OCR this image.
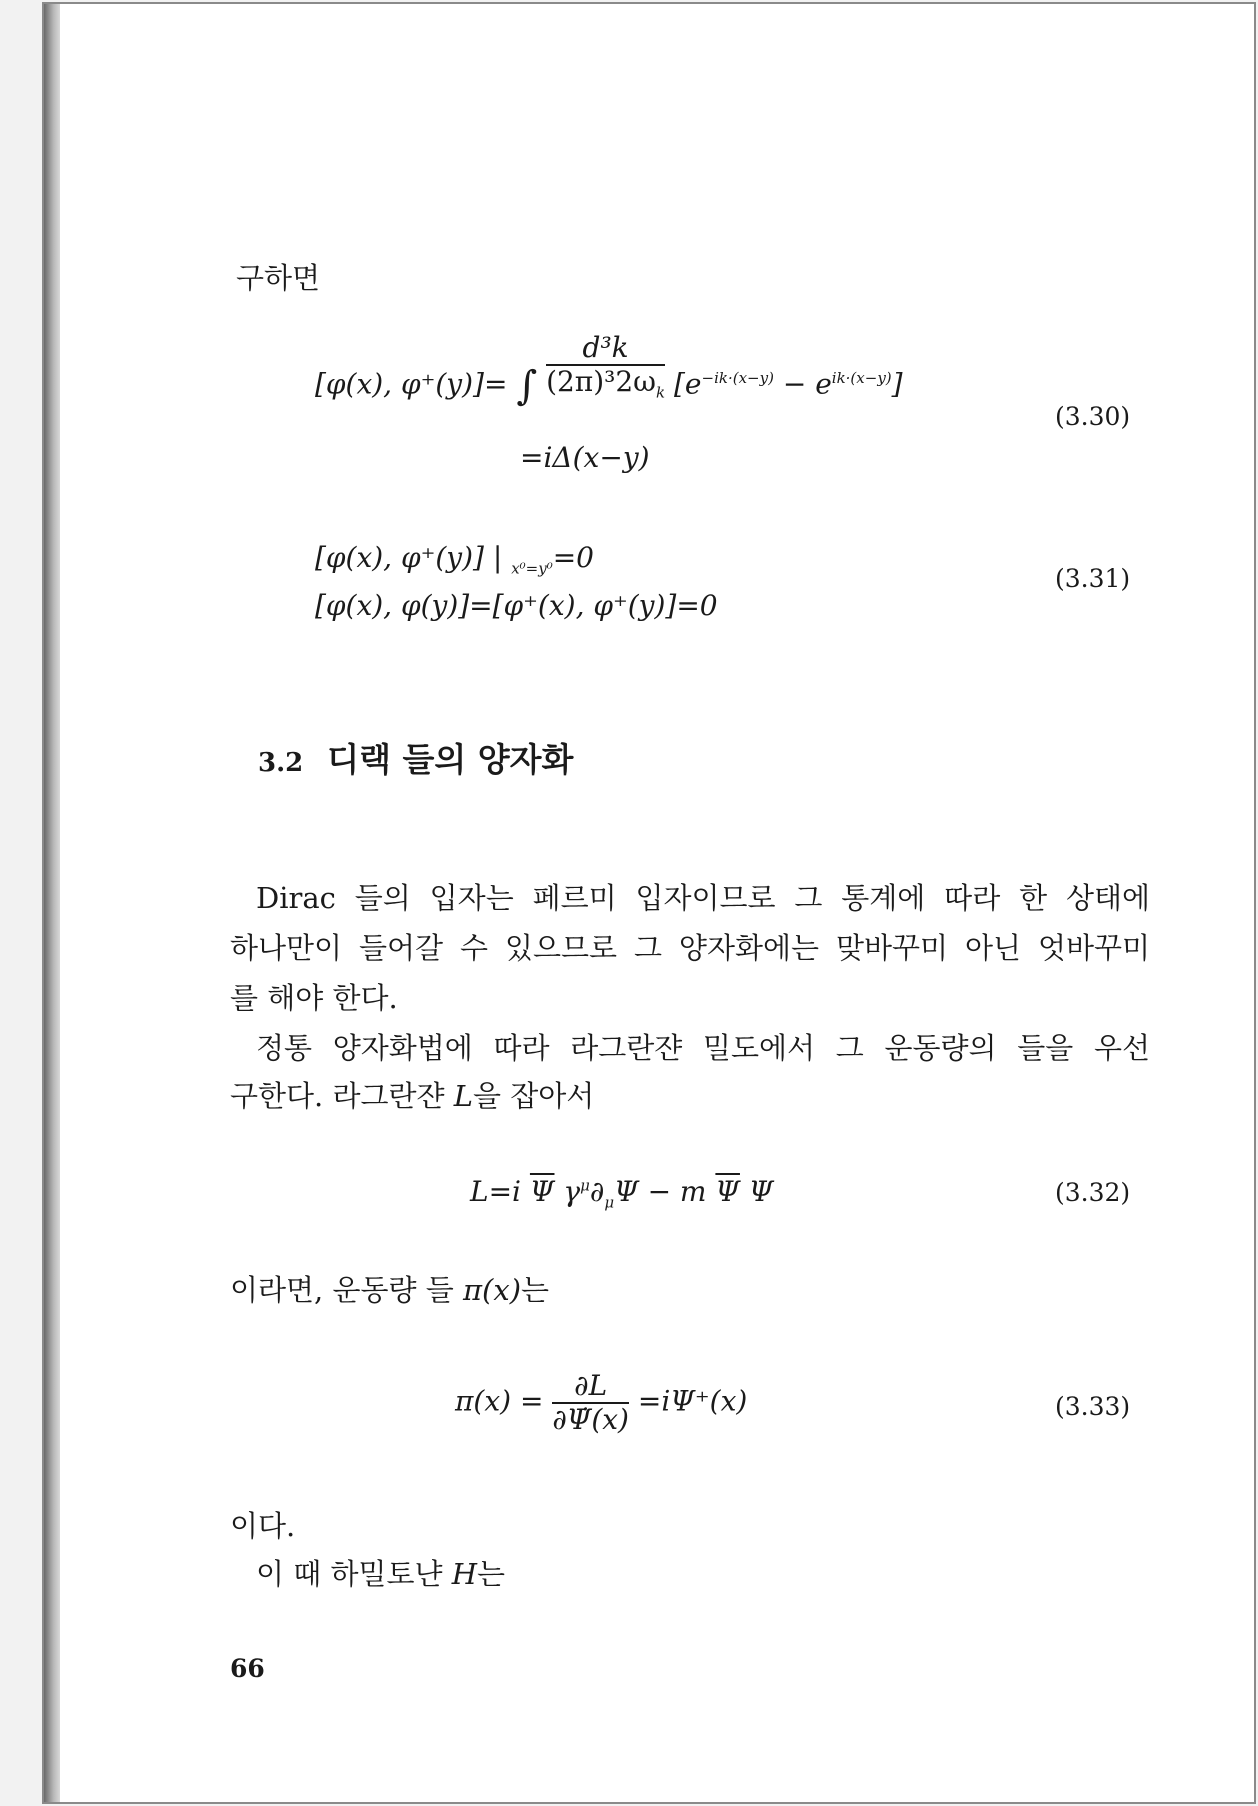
구하면

[φ(x), φ⁺(y)]= ∫ $\frac{\text{d³k}}{(2\pi)^32\omega_k} [e^{-ik\cdot(x-y)} - e^{ik\cdot(x-y)}]$
=iΔ(x−y)
(3.30)
[φ(x), φ⁺(y)] | $_{x^0=y^0}$=0
[φ(x), φ(y)]=[φ⁺(x), φ⁺(y)]=0
(3.31)
3.2 디랙 들의 양자화

Dirac 들의 입자는 페르미 입자이므로 그 통계에 따라 한 상태에

하나만이 들어갈 수 있으므로 그 양자화에는 맞바꾸미 아닌 엇바꾸미

를 해야 한다.

정통 양자화법에 따라 라그란쟌 밀도에서 그 운동량의 들을 우선

구한다. 라그란쟌 L을 잡아서

L=i $\overline{\Psi}$ $\gamma^\mu\partial_\mu\Psi - m$ $\overline{\Psi}$ Ψ	(3.32)

이라면, 운동량 들 π(x)는

$\pi(x) = \frac{\partial L}{\partial\Psi̇(x)} =i\Psi^+(x)$	(3.33)

이다.

이 때 하밀토냔 H는

66
